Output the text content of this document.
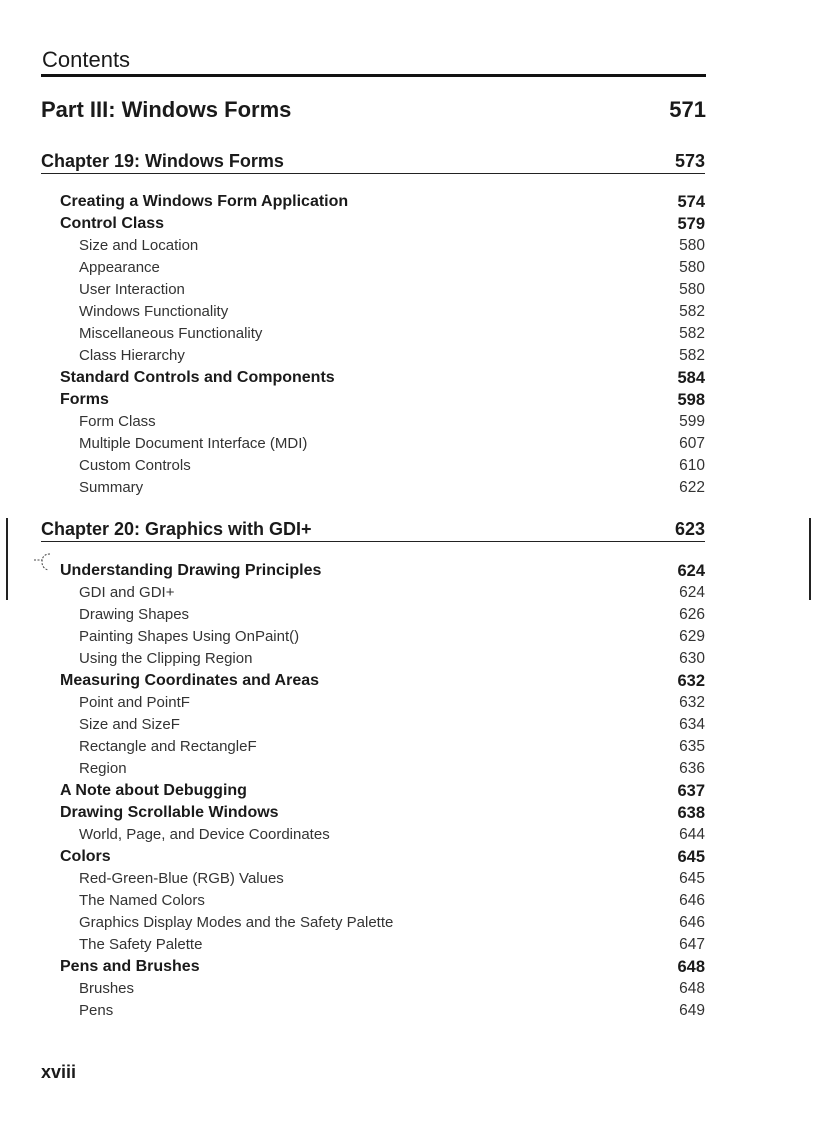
Contents
Part III: Windows Forms	571
Chapter 19: Windows Forms	573
Creating a Windows Form Application	574
Control Class	579
Size and Location	580
Appearance	580
User Interaction	580
Windows Functionality	582
Miscellaneous Functionality	582
Class Hierarchy	582
Standard Controls and Components	584
Forms	598
Form Class	599
Multiple Document Interface (MDI)	607
Custom Controls	610
Summary	622
Chapter 20: Graphics with GDI+	623
Understanding Drawing Principles	624
GDI and GDI+	624
Drawing Shapes	626
Painting Shapes Using OnPaint()	629
Using the Clipping Region	630
Measuring Coordinates and Areas	632
Point and PointF	632
Size and SizeF	634
Rectangle and RectangleF	635
Region	636
A Note about Debugging	637
Drawing Scrollable Windows	638
World, Page, and Device Coordinates	644
Colors	645
Red-Green-Blue (RGB) Values	645
The Named Colors	646
Graphics Display Modes and the Safety Palette	646
The Safety Palette	647
Pens and Brushes	648
Brushes	648
Pens	649
xviii
